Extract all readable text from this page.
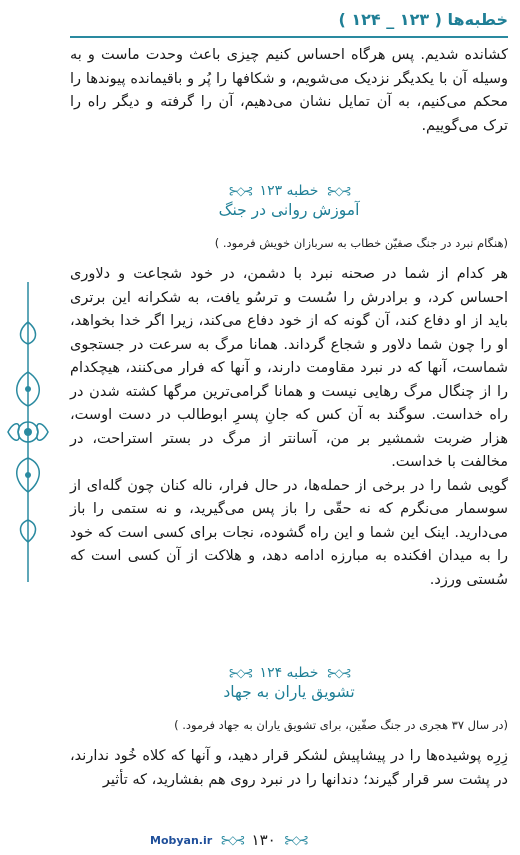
خطبه‌ها ( ۱۲۳ _ ۱۲۴ )

کشانده شدیم. پس هرگاه احساس کنیم چیزی باعث وحدت ماست و به وسیله آن با یکدیگر نزدیک می‌شویم، و شکافها را پُر و باقیمانده پیوندها را محکم می‌کنیم، به آن تمایل نشان می‌دهیم، آن را گرفته و دیگر راه را ترک می‌گوییم.

⊱◇⊰
خطبه ۱۲۳
⊱◇⊰
آموزش روانی در جنگ
(هنگام نبرد در جنگ صفیّن خطاب به سربازان خویش فرمود. )

هر کدام از شما در صحنه نبرد با دشمن، در خود شجاعت و دلاوری احساس کرد، و برادرش را سُست و ترسُو یافت، به شکرانه این برتری باید از او دفاع کند، آن گونه که از خود دفاع می‌کند، زیرا اگر خدا بخواهد، او را چون شما دلاور و شجاع گرداند. همانا مرگ به سرعت در جستجوی شماست، آنها که در نبرد مقاومت دارند، و آنها که فرار می‌کنند، هیچکدام را از چنگال مرگ رهایی نیست و همانا گرامی‌ترین مرگها کشته شدن در راه خداست. سوگند به آن کس که جانِ پسرِ ابوطالب در دست اوست، هزار ضربت شمشیر بر من، آسانتر از مرگ در بستر استراحت، در مخالفت با خداست.

گویی شما را در برخی از حمله‌ها، در حال فرار، ناله کنان چون گله‌ای از سوسمار می‌نگرم که نه حقّی را باز پس می‌گیرید، و نه ستمی را باز می‌دارید. اینک این شما و این راه گشوده، نجات برای کسی است که خود را به میدان افکنده به مبارزه ادامه دهد، و هلاکت از آن کسی است که سُستی ورزد.

⊱◇⊰
خطبه ۱۲۴
⊱◇⊰
تشویق یاران به جهاد
(در سال ۳۷ هجری در جنگ صفّین، برای تشویق یاران به جهاد فرمود. )

زِرِه پوشیده‌ها را در پیشاپیش لشکر قرار دهید، و آنها که کلاه خُود ندارند، در پشت سر قرار گیرند؛ دندانها را در نبرد روی هم بفشارید، که تأثیر

Mobyan.ir ⊱◇⊰ ۱۳۰ ⊱◇⊰
